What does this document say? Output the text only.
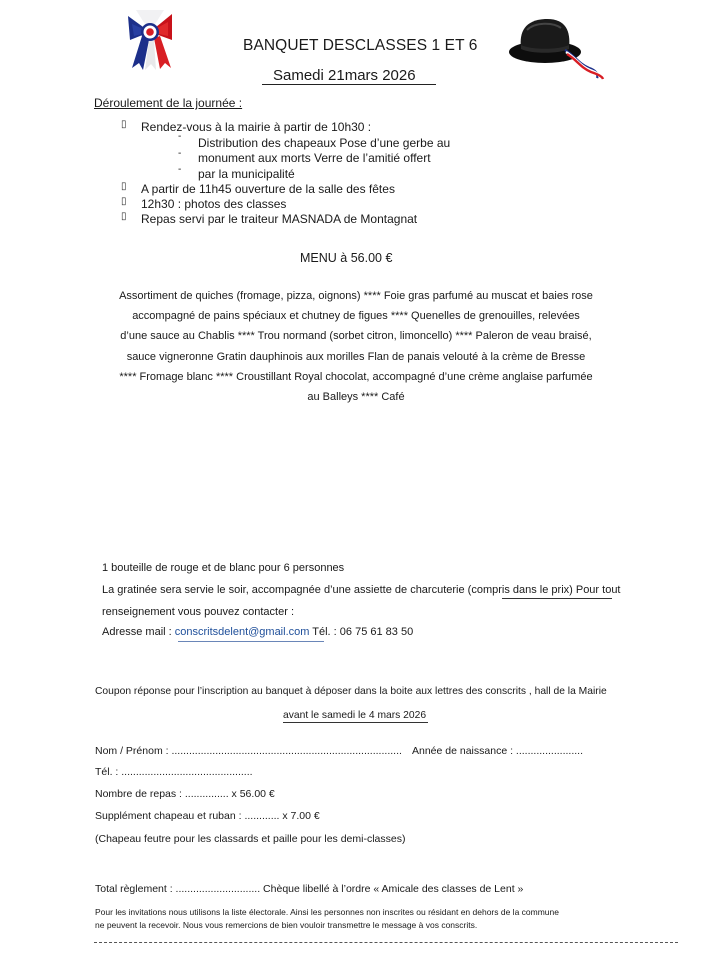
BANQUET DESCLASSES 1 ET 6
Samedi 21mars 2026
Déroulement de la journée :
▯ Rendez-vous à la mairie à partir de 10h30 :
- Distribution des chapeaux Pose d’une gerbe au
- monument aux morts Verre de l’amitié offert
- par la municipalité
▯ A partir de 11h45 ouverture de la salle des fêtes
▯ 12h30 : photos des classes
▯ Repas servi par le traiteur MASNADA de Montagnat
MENU à 56.00 €
Assortiment de quiches (fromage, pizza, oignons) **** Foie gras parfumé au muscat et baies rose accompagné de pains spéciaux et chutney de figues **** Quenelles de grenouilles, relevées d’une sauce au Chablis **** Trou normand (sorbet citron, limoncello) **** Paleron de veau braisé, sauce vigneronne Gratin dauphinois aux morilles Flan de panais velouté à la crème de Bresse **** Fromage blanc **** Croustillant Royal chocolat, accompagné d’une crème anglaise parfumée au Balleys **** Café
1 bouteille de rouge et de blanc pour 6 personnes
La gratinée sera servie le soir, accompagnée d’une assiette de charcuterie (compris dans le prix) Pour tout
renseignement vous pouvez contacter :
Adresse mail : conscritsdelent@gmail.com Tél. : 06 75 61 83 50
Coupon réponse pour l’inscription au banquet à déposer dans la boite aux lettres des conscrits , hall de la Mairie
avant le samedi le 4 mars 2026
Nom / Prénom : ............................................................................... Année de naissance : .......................
Tél. : .............................................
Nombre de repas : ............... x 56.00 €
Supplément chapeau et ruban : ............ x 7.00 €
(Chapeau feutre pour les classards et paille pour les demi-classes)
Total règlement : ............................. Chèque libellé à l’ordre « Amicale des classes de Lent »
Pour les invitations nous utilisons la liste électorale. Ainsi les personnes non inscrites ou résidant en dehors de la commune
ne peuvent la recevoir. Nous vous remercions de bien vouloir transmettre le message à vos conscrits.
